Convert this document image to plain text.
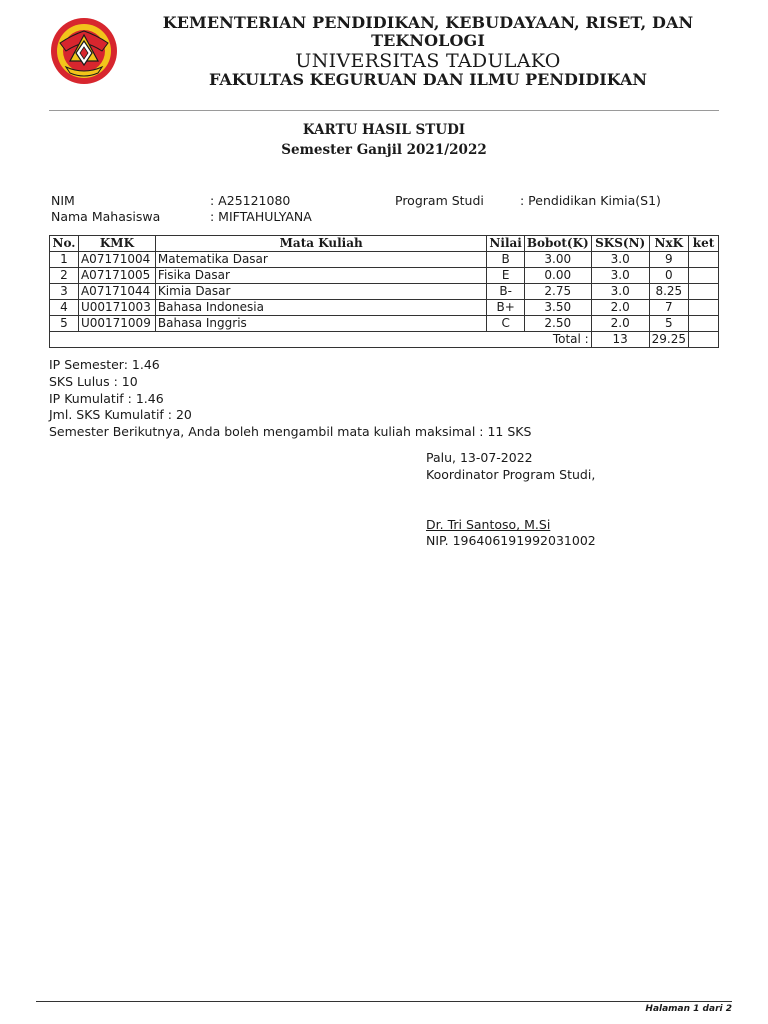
KEMENTERIAN PENDIDIKAN, KEBUDAYAAN, RISET, DAN TEKNOLOGI
UNIVERSITAS TADULAKO
FAKULTAS KEGURUAN DAN ILMU PENDIDIKAN
KARTU HASIL STUDI
Semester Ganjil 2021/2022
NIM	: A25121080	Program Studi	: Pendidikan Kimia(S1)
Nama Mahasiswa	: MIFTAHULYANA
No.	KMK	Mata Kuliah	Nilai	Bobot(K)	SKS(N)	NxK	ket
1	A07171004	Matematika Dasar	B	3.00	3.0	9	
2	A07171005	Fisika Dasar	E	0.00	3.0	0	
3	A07171044	Kimia Dasar	B-	2.75	3.0	8.25	
4	U00171003	Bahasa Indonesia	B+	3.50	2.0	7	
5	U00171009	Bahasa Inggris	C	2.50	2.0	5	
Total :					13	29.25	
IP Semester: 1.46
SKS Lulus : 10
IP Kumulatif : 1.46
Jml. SKS Kumulatif : 20
Semester Berikutnya, Anda boleh mengambil mata kuliah maksimal : 11 SKS
Palu, 13-07-2022
Koordinator Program Studi,
Dr. Tri Santoso, M.Si
NIP. 196406191992031002
Halaman 1 dari 2
